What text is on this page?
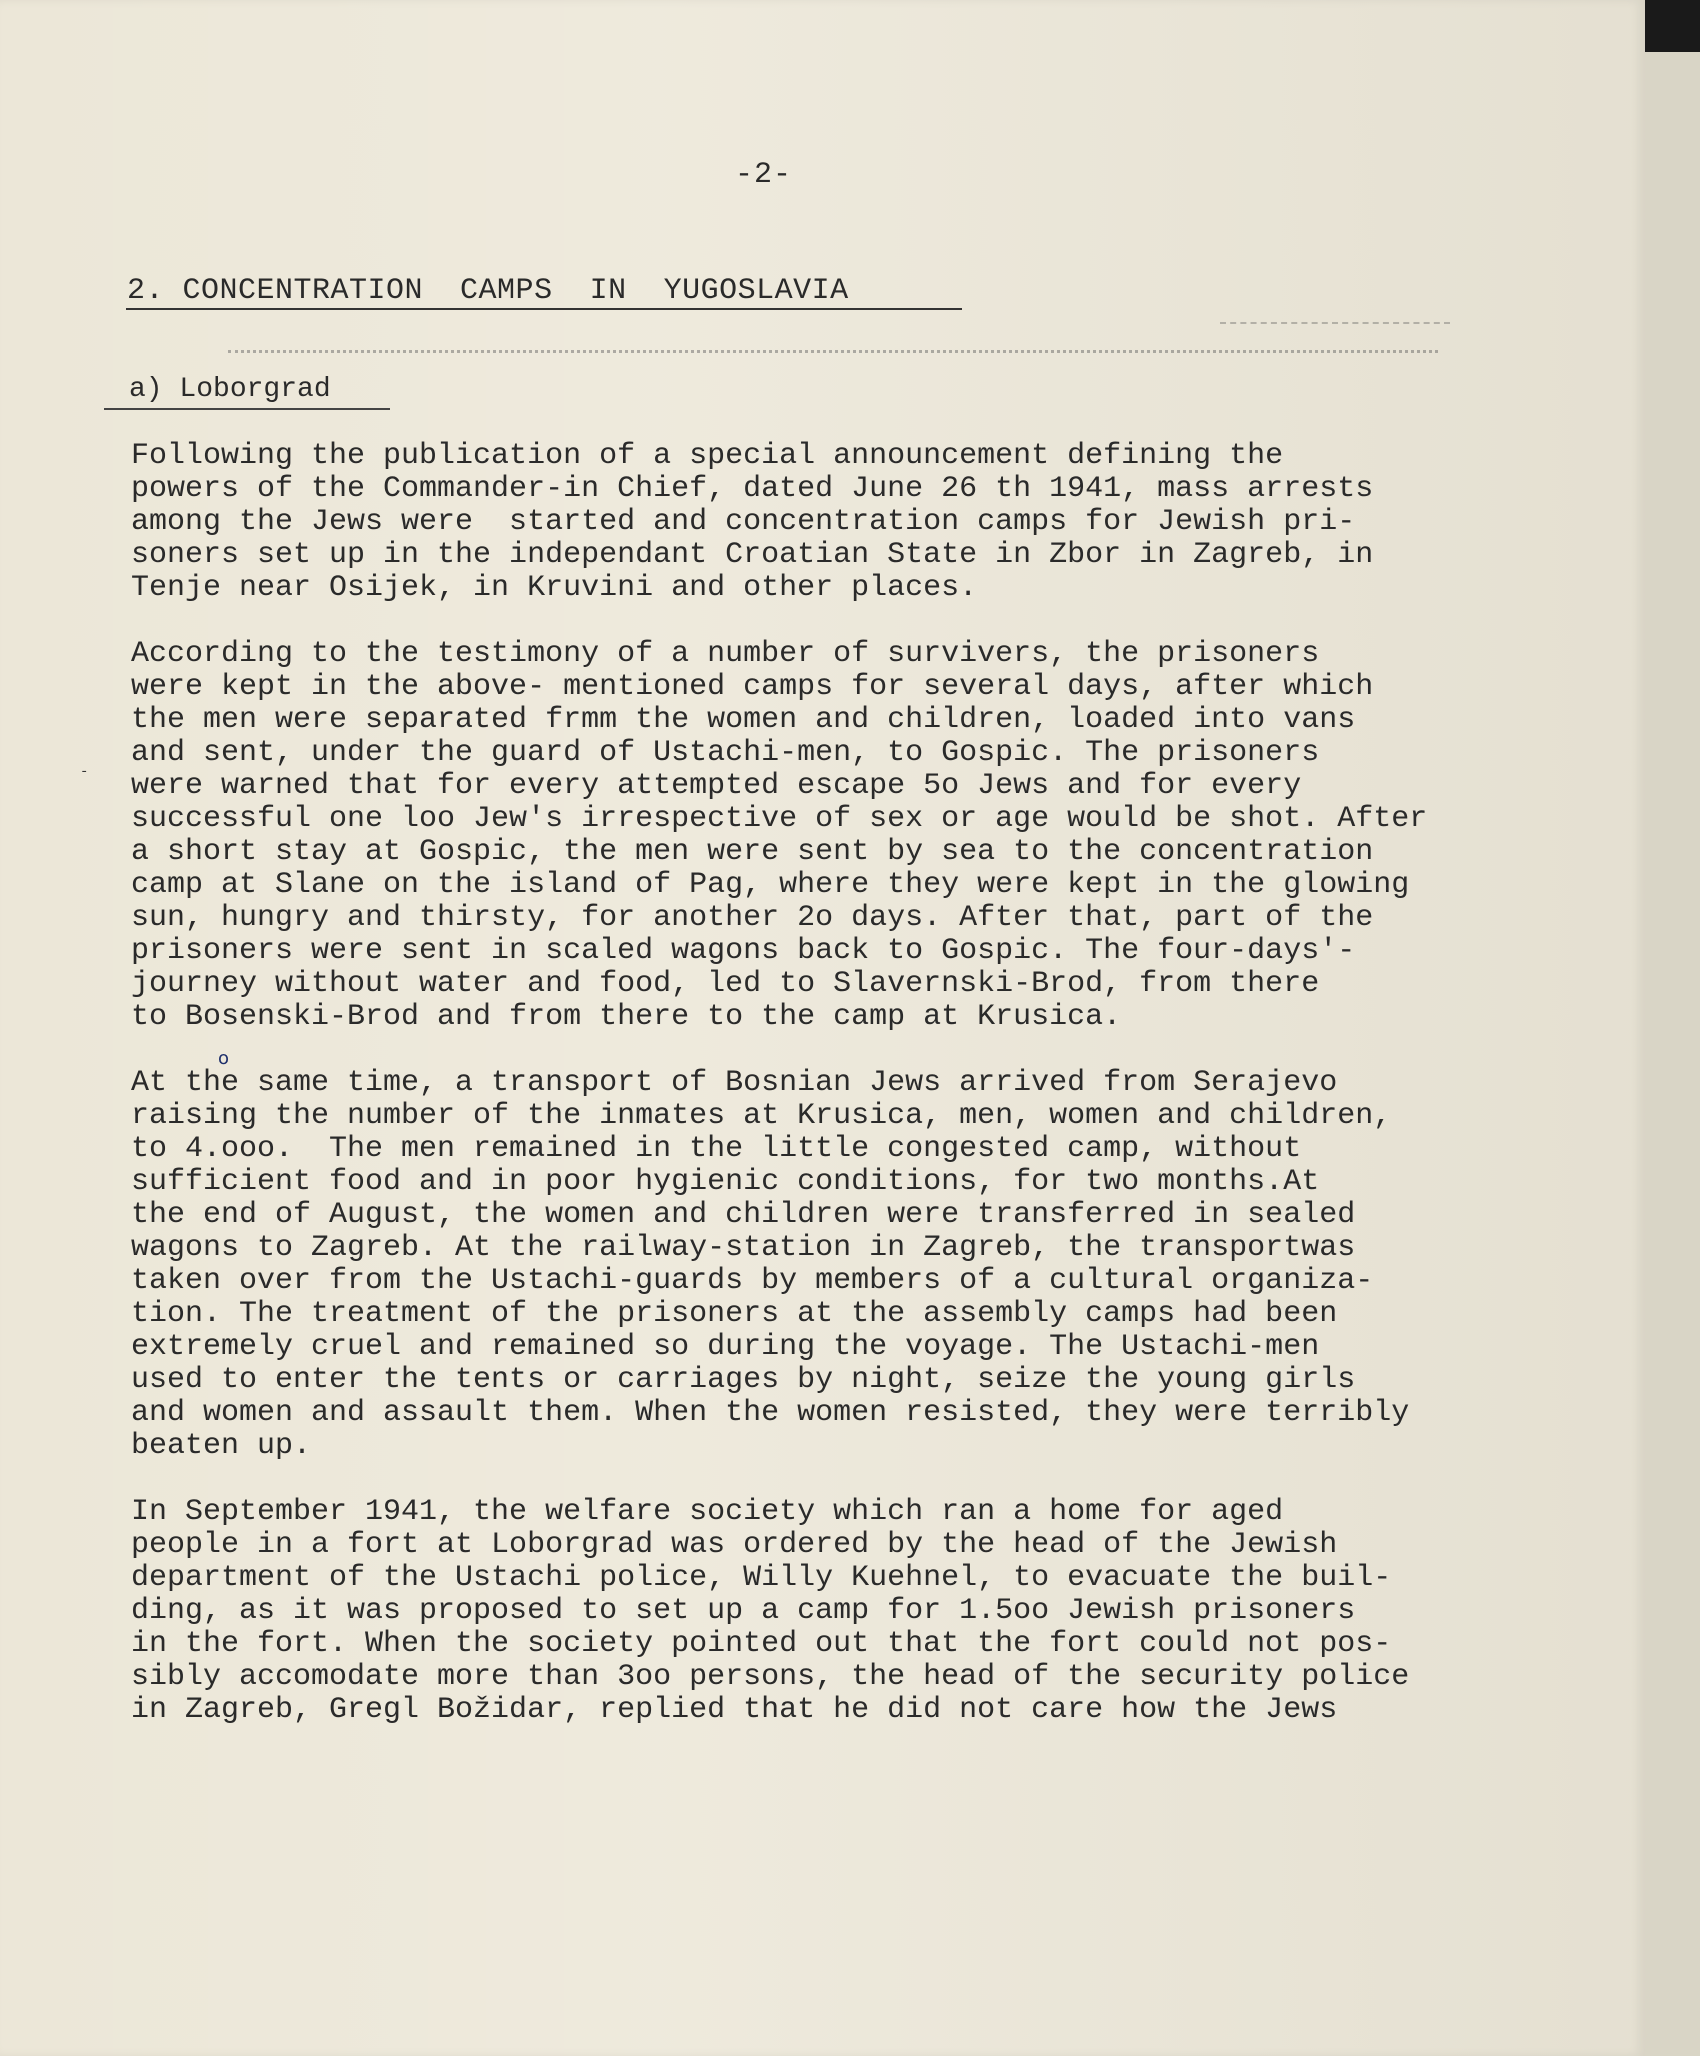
-2-
2. CONCENTRATION  CAMPS  IN  YUGOSLAVIA
a) Loborgrad

Following the publication of a special announcement defining the
powers of the Commander-in Chief, dated June 26 th 1941, mass arrests
among the Jews were  started and concentration camps for Jewish pri-
soners set up in the independant Croatian State in Zbor in Zagreb, in
Tenje near Osijek, in Kruvini and other places.

According to the testimony of a number of survivers, the prisoners
were kept in the above- mentioned camps for several days, after which
the men were separated frmm the women and children, loaded into vans
and sent, under the guard of Ustachi-men, to Gospic. The prisoners
were warned that for every attempted escape 5o Jews and for every
successful one loo Jew's irrespective of sex or age would be shot. After
a short stay at Gospic, the men were sent by sea to the concentration
camp at Slane on the island of Pag, where they were kept in the glowing
sun, hungry and thirsty, for another 2o days. After that, part of the
prisoners were sent in scaled wagons back to Gospic. The four-days'-
journey without water and food, led to Slavernski-Brod, from there
to Bosenski-Brod and from there to the camp at Krusica.

At the same time, a transport of Bosnian Jews arrived from Serajevo
raising the number of the inmates at Krusica, men, women and children,
to 4.ooo.  The men remained in the little congested camp, without
sufficient food and in poor hygienic conditions, for two months.At
the end of August, the women and children were transferred in sealed
wagons to Zagreb. At the railway-station in Zagreb, the transportwas
taken over from the Ustachi-guards by members of a cultural organiza-
tion. The treatment of the prisoners at the assembly camps had been
extremely cruel and remained so during the voyage. The Ustachi-men
used to enter the tents or carriages by night, seize the young girls
and women and assault them. When the women resisted, they were terribly
beaten up.

In September 1941, the welfare society which ran a home for aged
people in a fort at Loborgrad was ordered by the head of the Jewish
department of the Ustachi police, Willy Kuehnel, to evacuate the buil-
ding, as it was proposed to set up a camp for 1.5oo Jewish prisoners
in the fort. When the society pointed out that the fort could not pos-
sibly accomodate more than 3oo persons, the head of the security police
in Zagreb, Gregl Božidar, replied that he did not care how the Jews

o
-
